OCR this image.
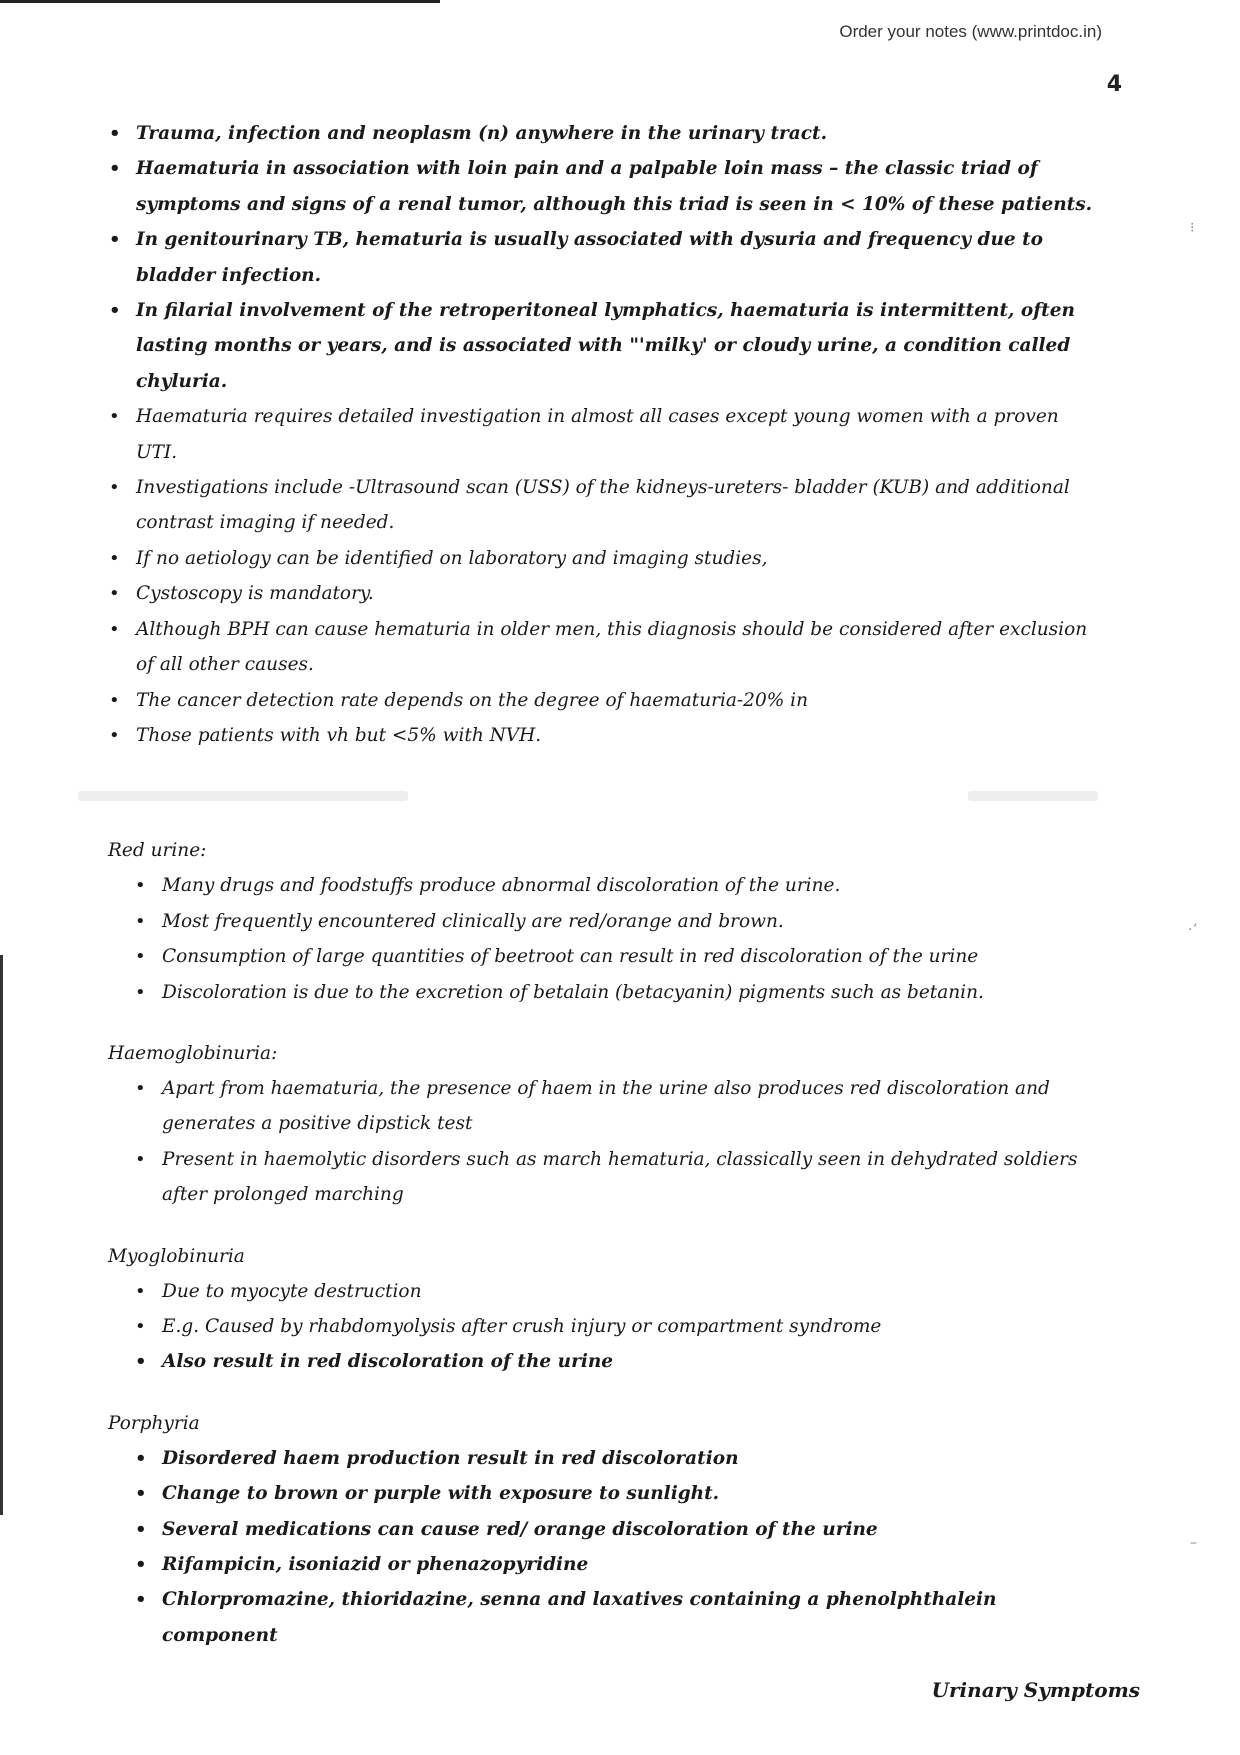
Order your notes (www.printdoc.in)
4
• Trauma, infection and neoplasm (n) anywhere in the urinary tract.
• Haematuria in association with loin pain and a palpable loin mass – the classic triad of symptoms and signs of a renal tumor, although this triad is seen in < 10% of these patients.
• In genitourinary TB, hematuria is usually associated with dysuria and frequency due to bladder infection.
• In filarial involvement of the retroperitoneal lymphatics, haematuria is intermittent, often lasting months or years, and is associated with "'milky' or cloudy urine, a condition called chyluria.
• Haematuria requires detailed investigation in almost all cases except young women with a proven UTI.
• Investigations include -Ultrasound scan (USS) of the kidneys-ureters- bladder (KUB) and additional contrast imaging if needed.
• If no aetiology can be identified on laboratory and imaging studies,
• Cystoscopy is mandatory.
• Although BPH can cause hematuria in older men, this diagnosis should be considered after exclusion of all other causes.
• The cancer detection rate depends on the degree of haematuria-20% in
• Those patients with vh but <5% with NVH.

Red urine:

• Many drugs and foodstuffs produce abnormal discoloration of the urine.
• Most frequently encountered clinically are red/orange and brown.
• Consumption of large quantities of beetroot can result in red discoloration of the urine
• Discoloration is due to the excretion of betalain (betacyanin) pigments such as betanin.

Haemoglobinuria:

• Apart from haematuria, the presence of haem in the urine also produces red discoloration and generates a positive dipstick test
• Present in haemolytic disorders such as march hematuria, classically seen in dehydrated soldiers after prolonged marching

Myoglobinuria

• Due to myocyte destruction
• E.g. Caused by rhabdomyolysis after crush injury or compartment syndrome
• Also result in red discoloration of the urine

Porphyria

• Disordered haem production result in red discoloration
• Change to brown or purple with exposure to sunlight.
• Several medications can cause red/ orange discoloration of the urine
• Rifampicin, isoniazid or phenazopyridine
• Chlorpromazine, thioridazine, senna and laxatives containing a phenolphthalein component
Urinary Symptoms
⁝
·ʼ
–
